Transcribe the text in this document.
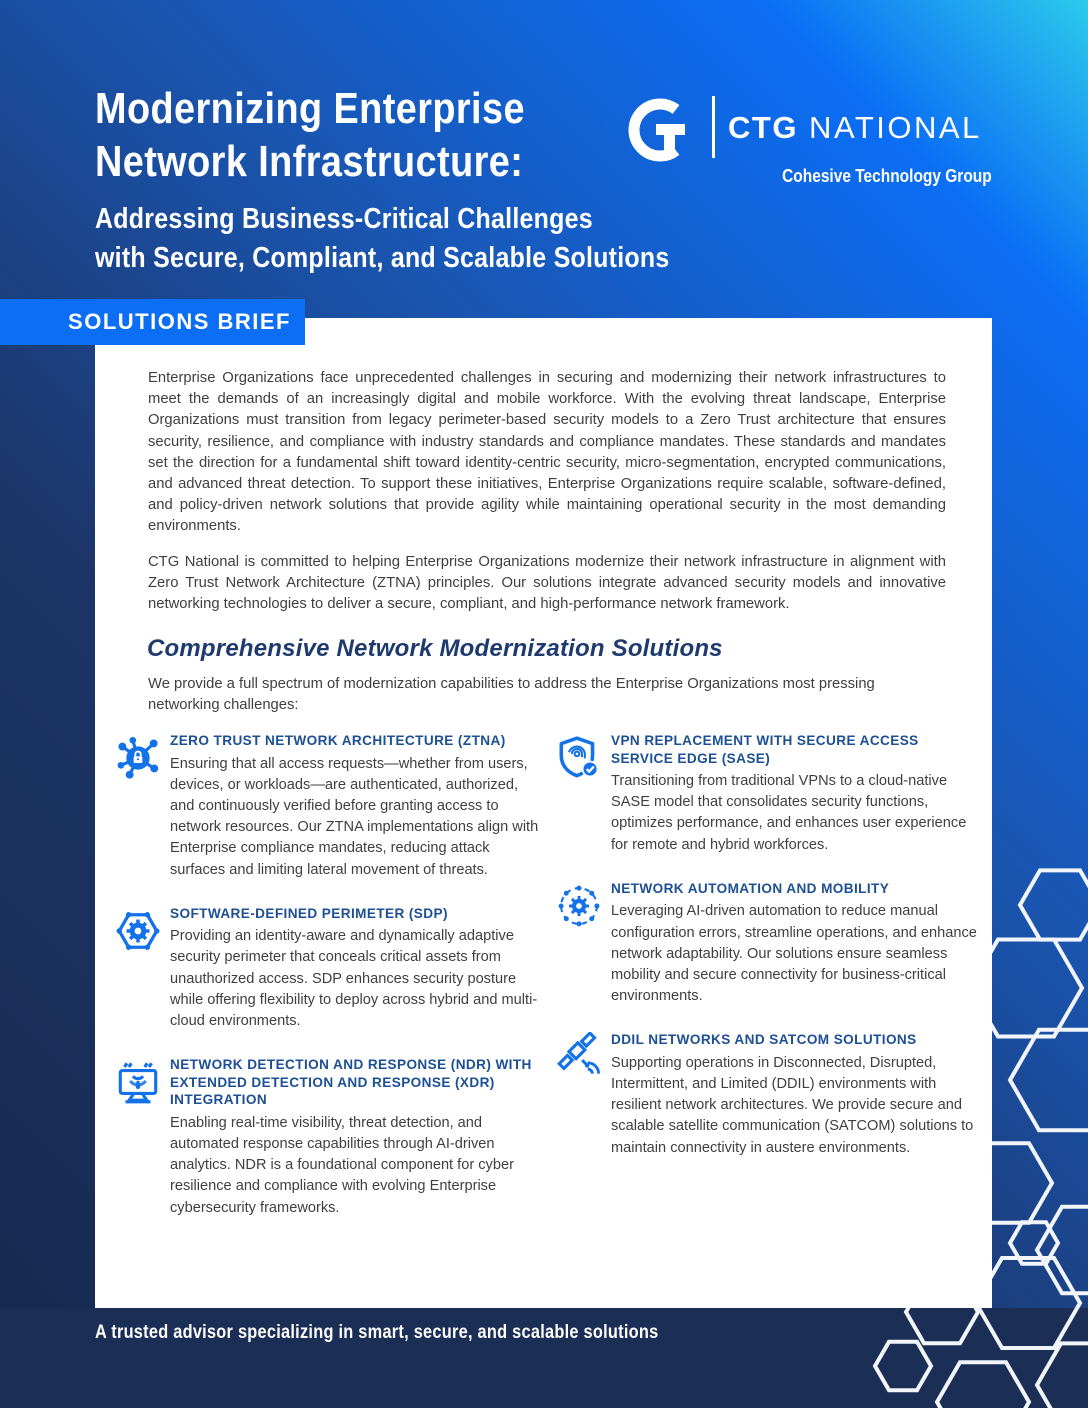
Modernizing Enterprise
Network Infrastructure:
Addressing Business-Critical Challenges
with Secure, Compliant, and Scalable Solutions
CTG NATIONAL
Cohesive Technology Group
SOLUTIONS BRIEF

Enterprise Organizations face unprecedented challenges in securing and modernizing their network infrastructures to meet the demands of an increasingly digital and mobile workforce. With the evolving threat landscape, Enterprise Organizations must transition from legacy perimeter-based security models to a Zero Trust architecture that ensures security, resilience, and compliance with industry standards and compliance mandates. These standards and mandates set the direction for a fundamental shift toward identity-centric security, micro-segmentation, encrypted communications, and advanced threat detection. To support these initiatives, Enterprise Organizations require scalable, software-defined, and policy-driven network solutions that provide agility while maintaining operational security in the most demanding environments.

CTG National is committed to helping Enterprise Organizations modernize their network infrastructure in alignment with Zero Trust Network Architecture (ZTNA) principles. Our solutions integrate advanced security models and innovative networking technologies to deliver a secure, compliant, and high-performance network framework.

Comprehensive Network Modernization Solutions
We provide a full spectrum of modernization capabilities to address the Enterprise Organizations most pressing networking challenges:
ZERO TRUST NETWORK ARCHITECTURE (ZTNA)
Ensuring that all access requests—whether from users, devices, or workloads—are authenticated, authorized, and continuously verified before granting access to network resources. Our ZTNA implementations align with Enterprise compliance mandates, reducing attack surfaces and limiting lateral movement of threats.
SOFTWARE-DEFINED PERIMETER (SDP)
Providing an identity-aware and dynamically adaptive security perimeter that conceals critical assets from unauthorized access. SDP enhances security posture while offering flexibility to deploy across hybrid and multi-cloud environments.
NETWORK DETECTION AND RESPONSE (NDR) WITH EXTENDED DETECTION AND RESPONSE (XDR) INTEGRATION
Enabling real-time visibility, threat detection, and automated response capabilities through AI-driven analytics. NDR is a foundational component for cyber resilience and compliance with evolving Enterprise cybersecurity frameworks.
VPN REPLACEMENT WITH SECURE ACCESS SERVICE EDGE (SASE)
Transitioning from traditional VPNs to a cloud-native SASE model that consolidates security functions, optimizes performance, and enhances user experience for remote and hybrid workforces.
NETWORK AUTOMATION AND MOBILITY
Leveraging AI-driven automation to reduce manual configuration errors, streamline operations, and enhance network adaptability. Our solutions ensure seamless mobility and secure connectivity for business-critical environments.
DDIL NETWORKS AND SATCOM SOLUTIONS
Supporting operations in Disconnected, Disrupted, Intermittent, and Limited (DDIL) environments with resilient network architectures. We provide secure and scalable satellite communication (SATCOM) solutions to maintain connectivity in austere environments.
A trusted advisor specializing in smart, secure, and scalable solutions
